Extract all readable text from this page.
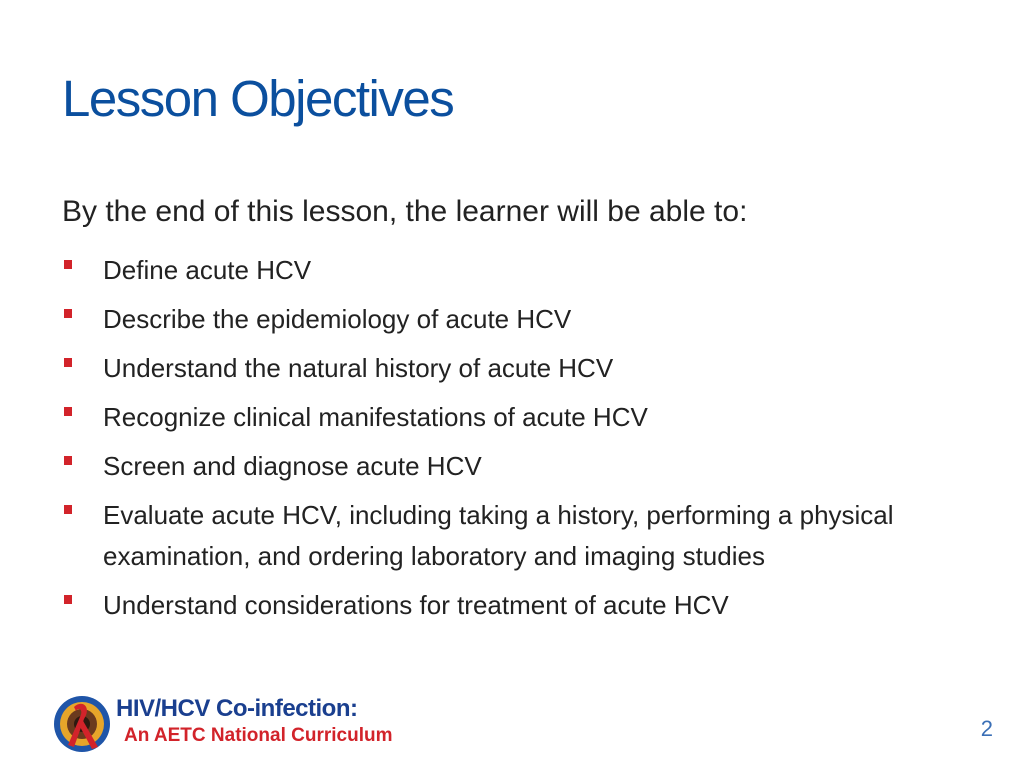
Lesson Objectives
By the end of this lesson, the learner will be able to:
Define acute HCV
Describe the epidemiology of acute HCV
Understand the natural history of acute HCV
Recognize clinical manifestations of acute HCV
Screen and diagnose acute HCV
Evaluate acute HCV, including taking a history, performing a physical examination, and ordering laboratory and imaging studies
Understand considerations for treatment of acute HCV
HIV/HCV Co-infection:
An AETC National Curriculum	2
